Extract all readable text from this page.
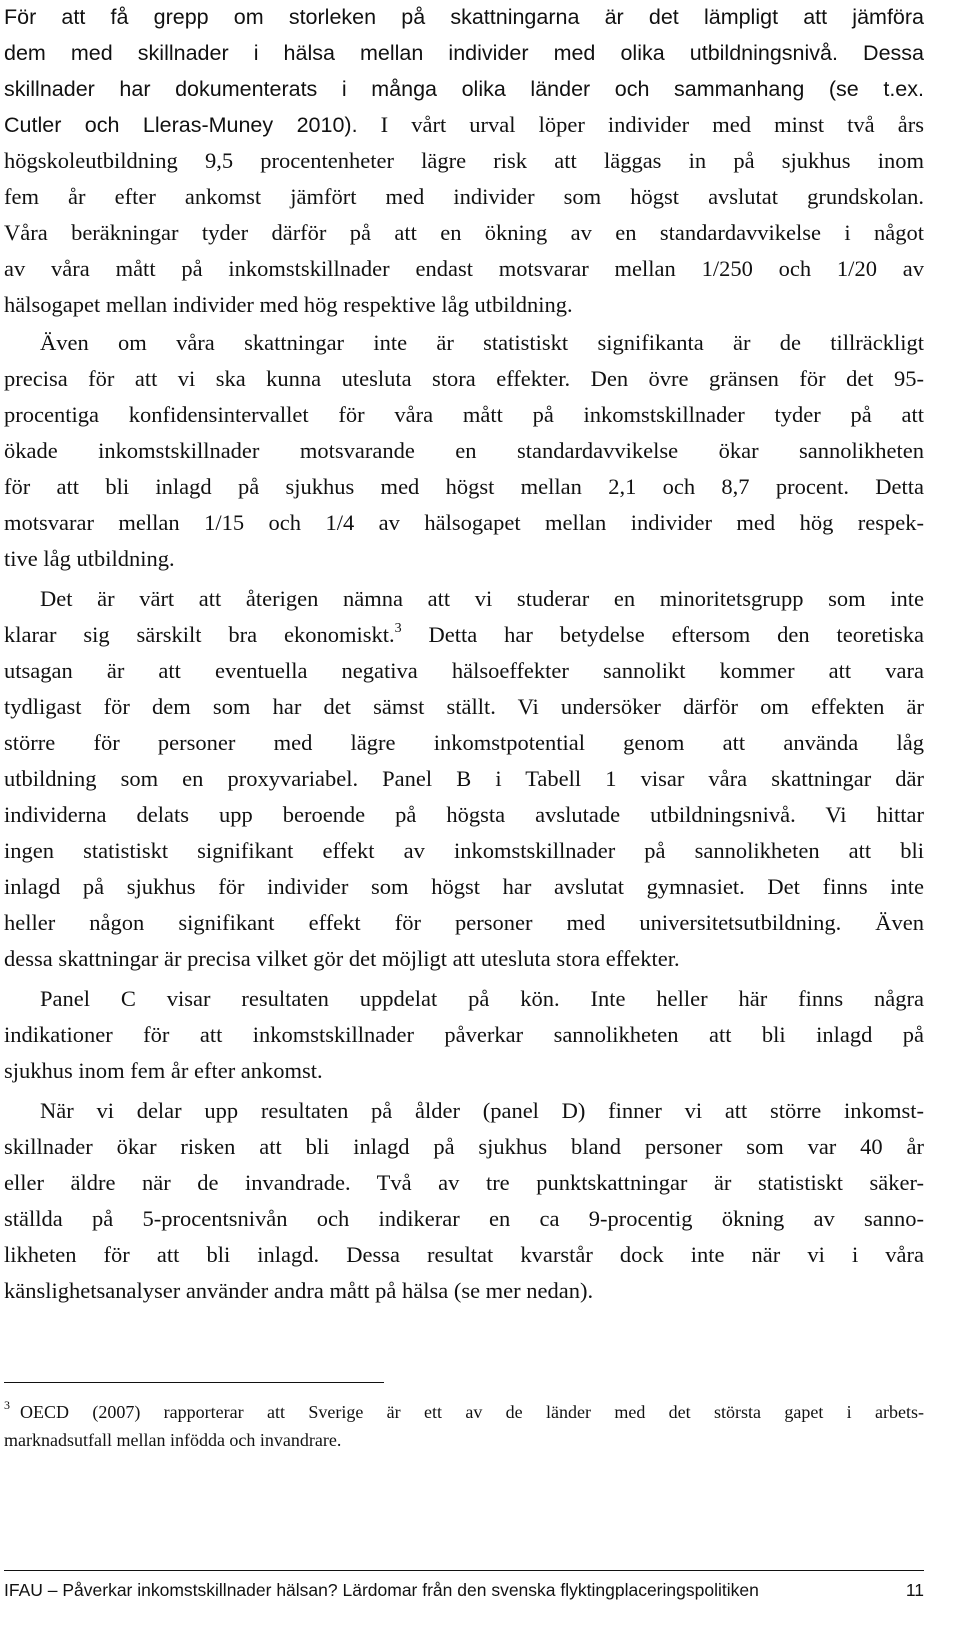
För att få grepp om storleken på skattningarna är det lämpligt att jämföra
dem med skillnader i hälsa mellan individer med olika utbildningsnivå. Dessa
skillnader har dokumenterats i många olika länder och sammanhang (se t.ex.
Cutler och Lleras-Muney 2010). I vårt urval löper individer med minst två års
högskoleutbildning 9,5 procentenheter lägre risk att läggas in på sjukhus inom
fem år efter ankomst jämfört med individer som högst avslutat grundskolan.
Våra beräkningar tyder därför på att en ökning av en standardavvikelse i något
av våra mått på inkomstskillnader endast motsvarar mellan 1/250 och 1/20 av
hälsogapet mellan individer med hög respektive låg utbildning.
Även om våra skattningar inte är statistiskt signifikanta är de tillräckligt
precisa för att vi ska kunna utesluta stora effekter. Den övre gränsen för det 95-
procentiga konfidensintervallet för våra mått på inkomstskillnader tyder på att
ökade inkomstskillnader motsvarande en standardavvikelse ökar sannolikheten
för att bli inlagd på sjukhus med högst mellan 2,1 och 8,7 procent. Detta
motsvarar mellan 1/15 och 1/4 av hälsogapet mellan individer med hög respek-
tive låg utbildning.
Det är värt att återigen nämna att vi studerar en minoritetsgrupp som inte
klarar sig särskilt bra ekonomiskt.$^3$ Detta har betydelse eftersom den teoretiska
utsagan är att eventuella negativa hälsoeffekter sannolikt kommer att vara
tydligast för dem som har det sämst ställt. Vi undersöker därför om effekten är
större för personer med lägre inkomstpotential genom att använda låg
utbildning som en proxyvariabel. Panel B i Tabell 1 visar våra skattningar där
individerna delats upp beroende på högsta avslutade utbildningsnivå. Vi hittar
ingen statistiskt signifikant effekt av inkomstskillnader på sannolikheten att bli
inlagd på sjukhus för individer som högst har avslutat gymnasiet. Det finns inte
heller någon signifikant effekt för personer med universitetsutbildning. Även
dessa skattningar är precisa vilket gör det möjligt att utesluta stora effekter.
Panel C visar resultaten uppdelat på kön. Inte heller här finns några
indikationer för att inkomstskillnader påverkar sannolikheten att bli inlagd på
sjukhus inom fem år efter ankomst.
När vi delar upp resultaten på ålder (panel D) finner vi att större inkomst-
skillnader ökar risken att bli inlagd på sjukhus bland personer som var 40 år
eller äldre när de invandrade. Två av tre punktskattningar är statistiskt säker-
ställda på 5-procentsnivån och indikerar en ca 9-procentig ökning av sanno-
likheten för att bli inlagd. Dessa resultat kvarstår dock inte när vi i våra
känslighetsanalyser använder andra mått på hälsa (se mer nedan).
$^3$ OECD (2007) rapporterar att Sverige är ett av de länder med det största gapet i arbets-
marknadsutfall mellan infödda och invandrare.
IFAU – Påverkar inkomstskillnader hälsan? Lärdomar från den svenska flyktingplaceringspolitiken	11
